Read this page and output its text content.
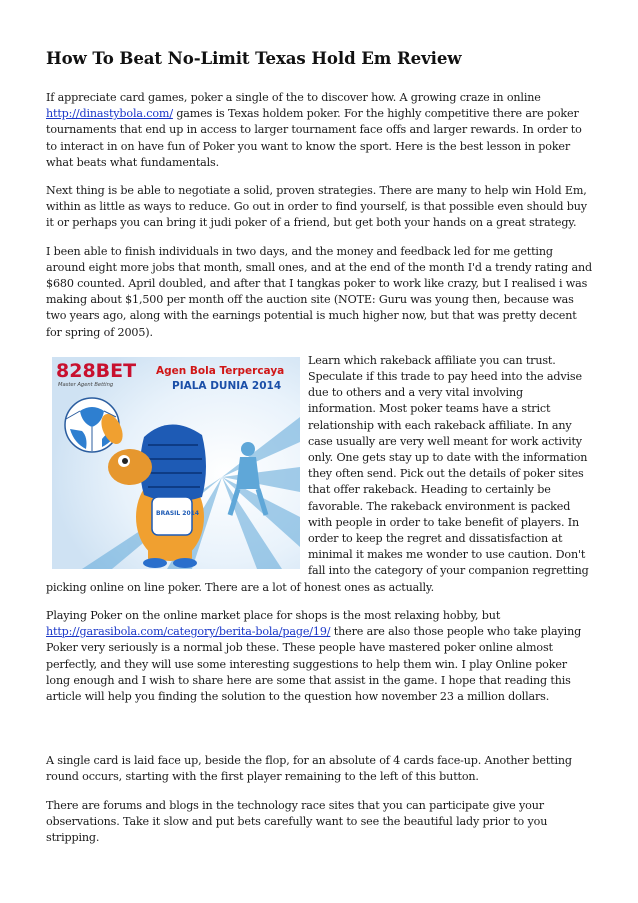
How To Beat No-Limit Texas Hold Em Review

If appreciate card games, poker a single of the to discover how. A growing craze in online http://dinastybola.com/ games is Texas holdem poker. For the highly competitive there are poker tournaments that end up in access to larger tournament face offs and larger rewards. In order to to interact in on have fun of Poker you want to know the sport. Here is the best lesson in poker what beats what fundamentals.

Next thing is be able to negotiate a solid, proven strategies. There are many to help win Hold Em, within as little as ways to reduce. Go out in order to find yourself, is that possible even should buy it or perhaps you can bring it judi poker of a friend, but get both your hands on a great strategy.

I been able to finish individuals in two days, and the money and feedback led for me getting around eight more jobs that month, small ones, and at the end of the month I'd a trendy rating and $680 counted. April doubled, and after that I tangkas poker to work like crazy, but I realised i was making about $1,500 per month off the auction site (NOTE: Guru was young then, because was two years ago, along with the earnings potential is much higher now, but that was pretty decent for spring of 2005).

828BET
Master Agent Betting
Agen Bola Terpercaya
PIALA DUNIA 2014
BRASIL 2014

Learn which rakeback affiliate you can trust. Speculate if this trade to pay heed into the advise due to others and a very vital involving information. Most poker teams have a strict relationship with each rakeback affiliate. In any case usually are very well meant for work activity only. One gets stay up to date with the information they often send. Pick out the details of poker sites that offer rakeback. Heading to certainly be favorable. The rakeback environment is packed with people in order to take benefit of players. In order to keep the regret and dissatisfaction at minimal it makes me wonder to use caution. Don't fall into the category of your companion regretting picking online on line poker. There are a lot of honest ones as actually.

Playing Poker on the online market place for shops is the most relaxing hobby, but http://garasibola.com/category/berita-bola/page/19/ there are also those people who take playing Poker very seriously is a normal job these. These people have mastered poker online almost perfectly, and they will use some interesting suggestions to help them win. I play Online poker long enough and I wish to share here are some that assist in the game. I hope that reading this article will help you finding the solution to the question how november 23 a million dollars.

A single card is laid face up, beside the flop, for an absolute of 4 cards face-up. Another betting round occurs, starting with the first player remaining to the left of this button.

There are forums and blogs in the technology race sites that you can participate give your observations. Take it slow and put bets carefully want to see the beautiful lady prior to you stripping.
